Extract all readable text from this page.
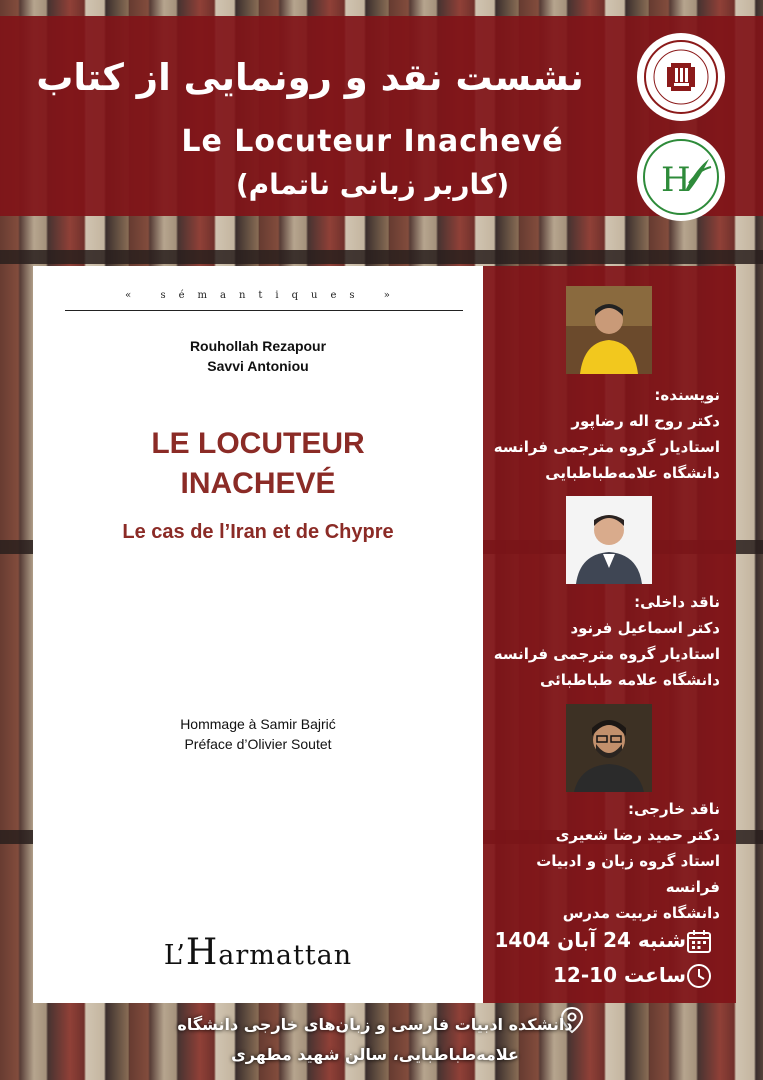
نشست نقد و رونمایی از کتاب
Le Locuteur Inachevé
(کاربر زبانی ناتمام)	H
« sémantiques »
Rouhollah Rezapour
Savvi Antoniou
LE LOCUTEUR
INACHEVÉ
Le cas de l’Iran et de Chypre
Hommage à Samir Bajrić
Préface d’Olivier Soutet
L’Harmattan
نویسنده:
دکتر روح اله رضاپور
استادیار گروه مترجمی فرانسه
دانشگاه علامه‌طباطبایی
ناقد داخلی:
دکتر اسماعیل فرنود
استادیار گروه مترجمی فرانسه
دانشگاه علامه طباطبائی
ناقد خارجی:
دکتر حمید رضا شعیری
استاد گروه زبان و ادبیات فرانسه
دانشگاه تربیت مدرس
شنبه 24 آبان 1404
ساعت 10-12
دانشکده ادبیات فارسی و زبان‌های خارجی دانشگاه
علامه‌طباطبایی، سالن شهید مطهری
